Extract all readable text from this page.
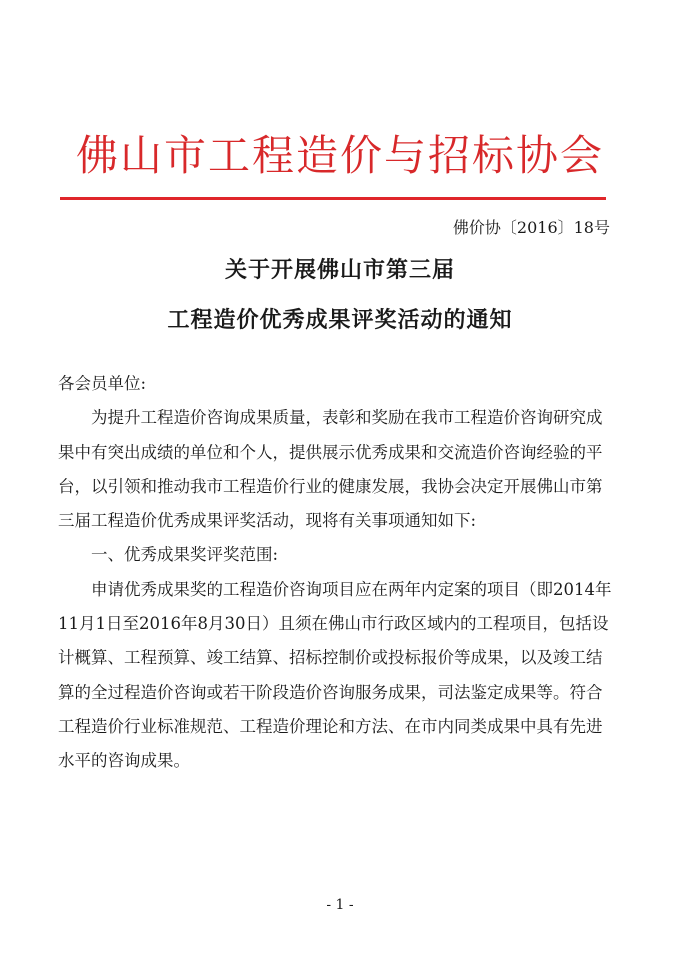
佛山市工程造价与招标协会
佛价协〔2016〕18号
关于开展佛山市第三届
工程造价优秀成果评奖活动的通知

各会员单位:

为提升工程造价咨询成果质量，表彰和奖励在我市工程造价咨询研究成果中有突出成绩的单位和个人，提供展示优秀成果和交流造价咨询经验的平台，以引领和推动我市工程造价行业的健康发展，我协会决定开展佛山市第三届工程造价优秀成果评奖活动，现将有关事项通知如下:

一、优秀成果奖评奖范围:

申请优秀成果奖的工程造价咨询项目应在两年内定案的项目（即2014年11月1日至2016年8月30日）且须在佛山市行政区域内的工程项目，包括设计概算、工程预算、竣工结算、招标控制价或投标报价等成果，以及竣工结算的全过程造价咨询或若干阶段造价咨询服务成果，司法鉴定成果等。符合工程造价行业标准规范、工程造价理论和方法、在市内同类成果中具有先进水平的咨询成果。

- 1 -
